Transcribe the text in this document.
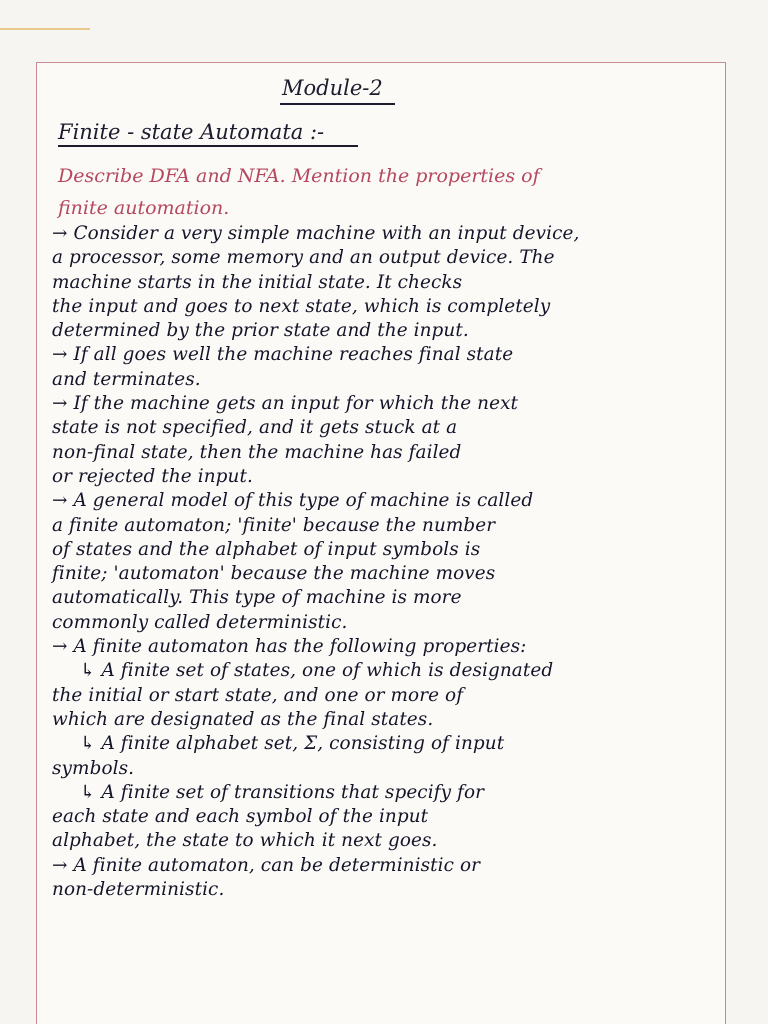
Module-2
Finite - state Automata :-
Describe DFA and NFA. Mention the properties of
finite automation.
→ Consider a very simple machine with an input device,
a processor, some memory and an output device. The
machine starts in the initial state. It checks
the input and goes to next state, which is completely
determined by the prior state and the input.
→ If all goes well the machine reaches final state
and terminates.
→ If the machine gets an input for which the next
state is not specified, and it gets stuck at a
non-final state, then the machine has failed
or rejected the input.
→ A general model of this type of machine is called
a finite automaton; 'finite' because the number
of states and the alphabet of input symbols is
finite; 'automaton' because the machine moves
automatically. This type of machine is more
commonly called deterministic.
→ A finite automaton has the following properties:
↳ A finite set of states, one of which is designated
the initial or start state, and one or more of
which are designated as the final states.
↳ A finite alphabet set, Σ, consisting of input
symbols.
↳ A finite set of transitions that specify for
each state and each symbol of the input
alphabet, the state to which it next goes.
→ A finite automaton, can be deterministic or
non-deterministic.
